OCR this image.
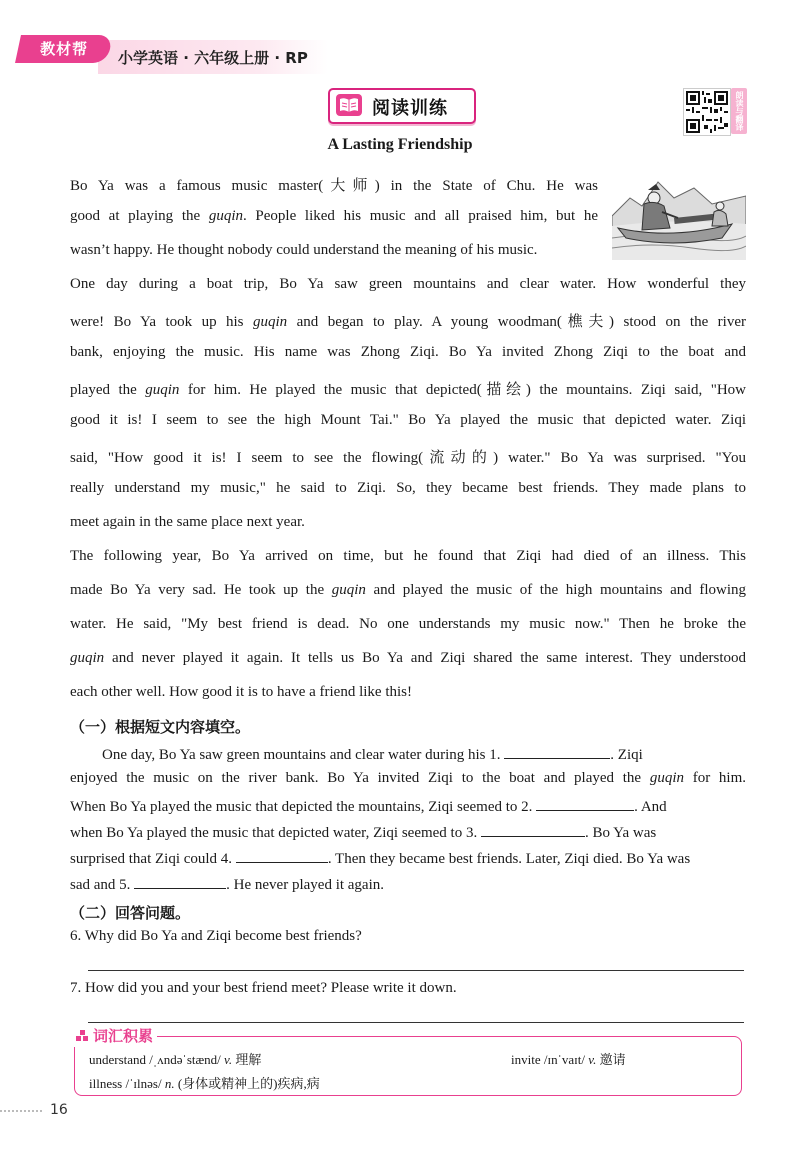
教材帮	小学英语 · 六年级上册 · RP
阅读训练	朗读与翻译
A Lasting Friendship
Bo Ya was a famous music master(大师) in the State of Chu. He was
good at playing the guqin. People liked his music and all praised him, but he
wasn’t happy. He thought nobody could understand the meaning of his music.
One day during a boat trip, Bo Ya saw green mountains and clear water. How wonderful they
were! Bo Ya took up his guqin and began to play. A young woodman(樵夫) stood on the river
bank, enjoying the music. His name was Zhong Ziqi. Bo Ya invited Zhong Ziqi to the boat and
played the guqin for him. He played the music that depicted(描绘) the mountains. Ziqi said, "How
good it is! I seem to see the high Mount Tai." Bo Ya played the music that depicted water. Ziqi
said, "How good it is! I seem to see the flowing(流动的) water." Bo Ya was surprised. "You
really understand my music," he said to Ziqi. So, they became best friends. They made plans to
meet again in the same place next year.
The following year, Bo Ya arrived on time, but he found that Ziqi had died of an illness. This
made Bo Ya very sad. He took up the guqin and played the music of the high mountains and flowing
water. He said, "My best friend is dead. No one understands my music now." Then he broke the
guqin and never played it again. It tells us Bo Ya and Ziqi shared the same interest. They understood
each other well. How good it is to have a friend like this!
（一）根据短文内容填空。
One day, Bo Ya saw green mountains and clear water during his 1.	. Ziqi
enjoyed the music on the river bank. Bo Ya invited Ziqi to the boat and played the guqin for him.
When Bo Ya played the music that depicted the mountains, Ziqi seemed to 2.	. And
when Bo Ya played the music that depicted water, Ziqi seemed to 3.	. Bo Ya was
surprised that Ziqi could 4.	. Then they became best friends. Later, Ziqi died. Bo Ya was
sad and 5.	. He never played it again.
（二）回答问题。
6. Why did Bo Ya and Ziqi become best friends?
7. How did you and your best friend meet? Please write it down.
understand /ˌʌndəˈstænd/ v. 理解	invite /ɪnˈvaɪt/ v. 邀请
illness /ˈɪlnəs/ n. (身体或精神上的)疾病,病
词汇积累
16
